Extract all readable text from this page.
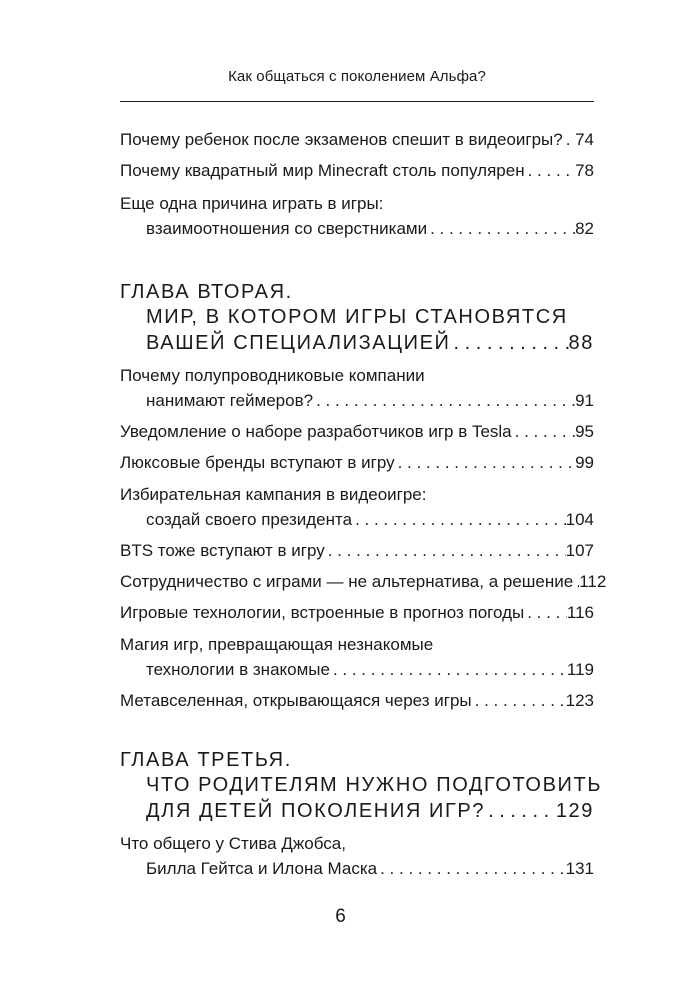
Как общаться с поколением Альфа?
Почему ребенок после экзаменов спешит в видеоигры? . . . 74
Почему квадратный мир Minecraft столь популярен . . .	78
Еще одна причина играть в игры:
взаимоотношения со сверстниками . . .	82
ГЛАВА ВТОРАЯ.
МИР, В КОТОРОМ ИГРЫ СТАНОВЯТСЯ
ВАШЕЙ СПЕЦИАЛИЗАЦИЕЙ . . .	88
Почему полупроводниковые компании
нанимают геймеров? . . .	91
Уведомление о наборе разработчиков игр в Tesla . . .	95
Люксовые бренды вступают в игру . . .	99
Избирательная кампания в видеоигре:
создай своего президента . . .	104
BTS тоже вступают в игру . . .	107
Сотрудничество с играми — не альтернатива, а решение . . . 112
Игровые технологии, встроенные в прогноз погоды . . .	116
Магия игр, превращающая незнакомые
технологии в знакомые . . .	119
Метавселенная, открывающаяся через игры . . .	123
ГЛАВА ТРЕТЬЯ.
ЧТО РОДИТЕЛЯМ НУЖНО ПОДГОТОВИТЬ
ДЛЯ ДЕТЕЙ ПОКОЛЕНИЯ ИГР? . . .	129
Что общего у Стива Джобса,
Билла Гейтса и Илона Маска . . .	131
6
